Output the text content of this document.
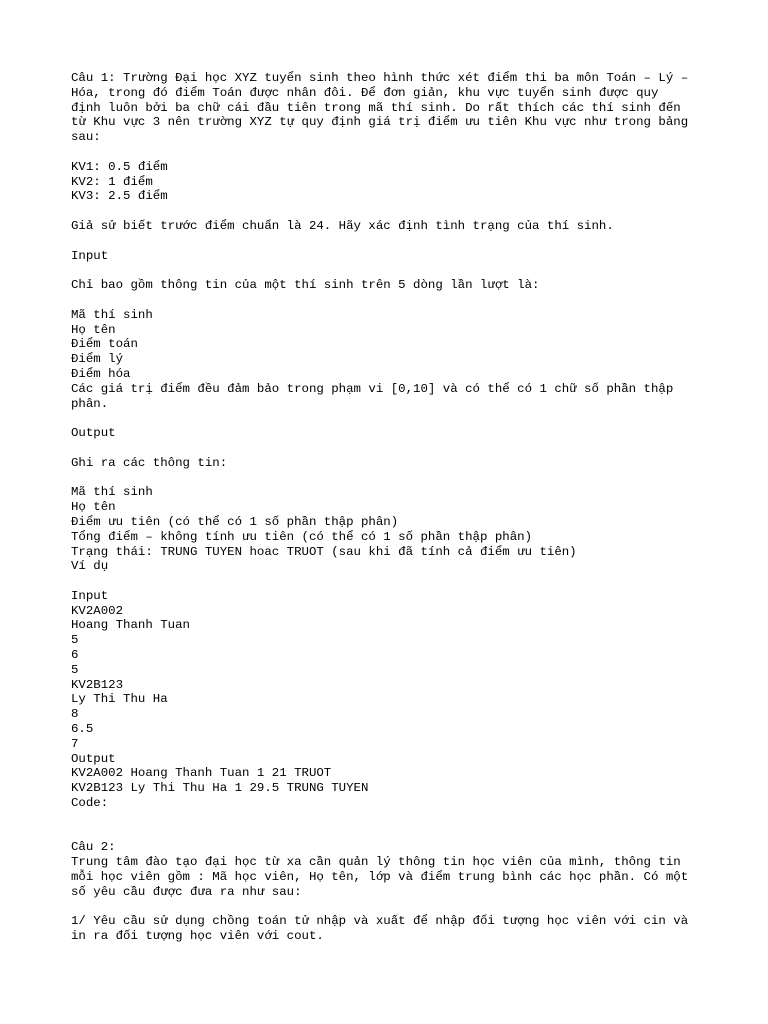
Câu 1: Trường Đại học XYZ tuyển sinh theo hình thức xét điểm thi ba môn Toán – Lý –
Hóa, trong đó điểm Toán được nhân đôi. Để đơn giản, khu vực tuyển sinh được quy
định luôn bởi ba chữ cái đầu tiên trong mã thí sinh. Do rất thích các thí sinh đến
từ Khu vực 3 nên trường XYZ tự quy định giá trị điểm ưu tiên Khu vực như trong bảng
sau:
KV1: 0.5 điểm
KV2: 1 điểm
KV3: 2.5 điểm
Giả sử biết trước điểm chuẩn là 24. Hãy xác định tình trạng của thí sinh.
Input
Chỉ bao gồm thông tin của một thí sinh trên 5 dòng lần lượt là:
Mã thí sinh
Họ tên
Điểm toán
Điểm lý
Điểm hóa
Các giá trị điểm đều đảm bảo trong phạm vi [0,10] và có thể có 1 chữ số phần thập
phân.
Output
Ghi ra các thông tin:
Mã thí sinh
Họ tên
Điểm ưu tiên (có thể có 1 số phần thập phân)
Tổng điểm – không tính ưu tiên (có thể có 1 số phần thập phân)
Trạng thái: TRUNG TUYEN hoac TRUOT (sau khi đã tính cả điểm ưu tiên)
Ví dụ
Input
KV2A002
Hoang Thanh Tuan
5
6
5
KV2B123
Ly Thi Thu Ha
8
6.5
7
Output
KV2A002 Hoang Thanh Tuan 1 21 TRUOT
KV2B123 Ly Thi Thu Ha 1 29.5 TRUNG TUYEN
Code:
Câu 2:
Trung tâm đào tạo đại học từ xa cần quản lý thông tin học viên của mình, thông tin
mỗi học viên gồm : Mã học viên, Họ tên, lớp và điểm trung bình các học phần. Có một
số yêu cầu được đưa ra như sau:
1/ Yêu cầu sử dụng chồng toán tử nhập và xuất để nhập đối tượng học viên với cin và
in ra đối tượng học viên với cout.
